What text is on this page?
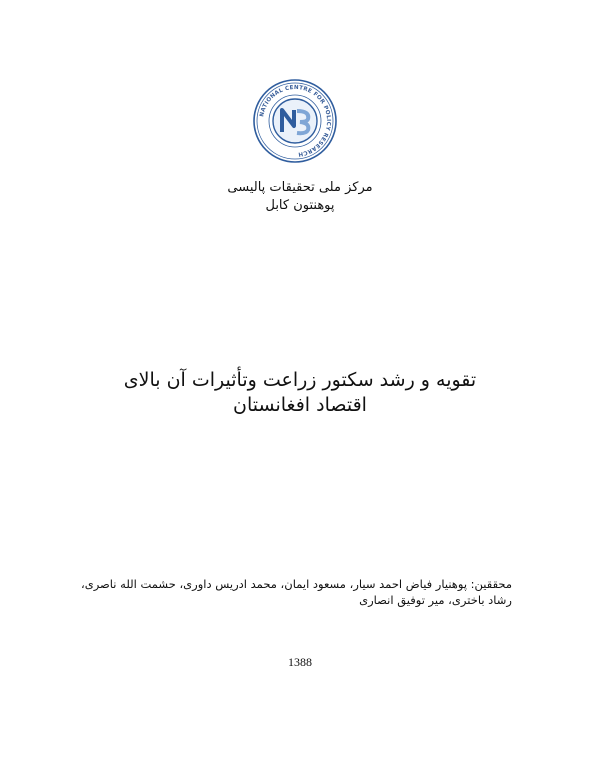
NATIONAL CENTRE FOR POLICY RESEARCH
مرکز ملی تحقیقات پالیسی
پوهنتون کابل
تقویه و رشد سکتور زراعت وتأثیرات آن بالای
اقتصاد افغانستان
محققین: پوهنیار فیاض احمد سیار، مسعود ایمان، محمد ادریس داوری، حشمت الله ناصری،
رشاد باختری، میر توفیق انصاری
1388
